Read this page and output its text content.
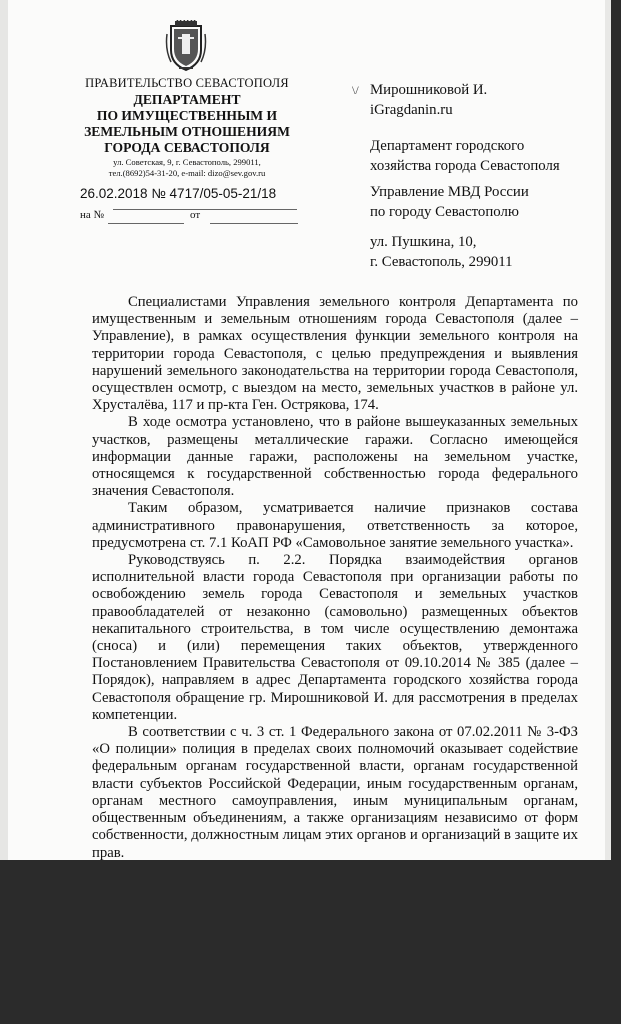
ПРАВИТЕЛЬСТВО СЕВАСТОПОЛЯ
ДЕПАРТАМЕНТ
ПО ИМУЩЕСТВЕННЫМ И
ЗЕМЕЛЬНЫМ ОТНОШЕНИЯМ
ГОРОДА СЕВАСТОПОЛЯ
ул. Советская, 9, г. Севастополь, 299011,
тел.(8692)54-31-20, e-mail: dizo@sev.gov.ru
26.02.2018 № 4717/05-05-21/18
на №	от
\/ Мирошниковой И.
iGragdanin.ru
Департамент городского
хозяйства города Севастополя
Управление МВД России
по городу Севастополю
ул. Пушкина, 10,
г. Севастополь, 299011

Специалистами Управления земельного контроля Департамента по имущественным и земельным отношениям города Севастополя (далее – Управление), в рамках осуществления функции земельного контроля на территории города Севастополя, с целью предупреждения и выявления нарушений земельного законодательства на территории города Севастополя, осуществлен осмотр, с выездом на место, земельных участков в районе ул. Хрусталёва, 117 и пр-кта Ген. Острякова, 174.

В ходе осмотра установлено, что в районе вышеуказанных земельных участков, размещены металлические гаражи. Согласно имеющейся информации данные гаражи, расположены на земельном участке, относящемся к государственной собственностью города федерального значения Севастополя.

Таким образом, усматривается наличие признаков состава административного правонарушения, ответственность за которое, предусмотрена ст. 7.1 КоАП РФ «Самовольное занятие земельного участка».

Руководствуясь п. 2.2. Порядка взаимодействия органов исполнительной власти города Севастополя при организации работы по освобождению земель города Севастополя и земельных участков правообладателей от незаконно (самовольно) размещенных объектов некапитального строительства, в том числе осуществлению демонтажа (сноса) и (или) перемещения таких объектов, утвержденного Постановлением Правительства Севастополя от 09.10.2014 № 385 (далее – Порядок), направляем в адрес Департамента городского хозяйства города Севастополя обращение гр. Мирошниковой И. для рассмотрения в пределах компетенции.

В соответствии с ч. 3 ст. 1 Федерального закона от 07.02.2011 № 3-ФЗ «О полиции» полиция в пределах своих полномочий оказывает содействие федеральным органам государственной власти, органам государственной власти субъектов Российской Федерации, иным государственным органам, органам местного самоуправления, иным муниципальным органам, общественным объединениям, а также организациям независимо от форм собственности, должностным лицам этих органов и организаций в защите их прав.
